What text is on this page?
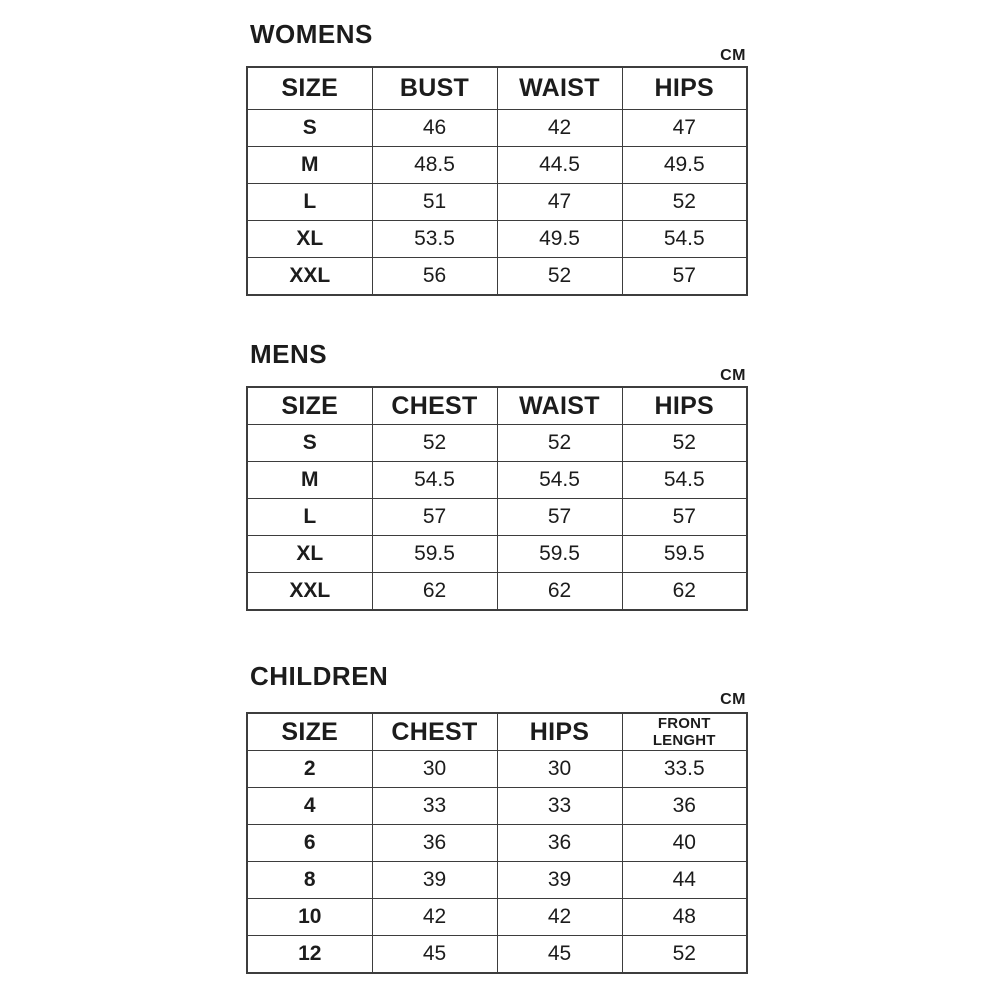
WOMENS
CM
SIZE	BUST	WAIST	HIPS
S	46	42	47
M	48.5	44.5	49.5
L	51	47	52
XL	53.5	49.5	54.5
XXL	56	52	57
MENS
CM
SIZE	CHEST	WAIST	HIPS
S	52	52	52
M	54.5	54.5	54.5
L	57	57	57
XL	59.5	59.5	59.5
XXL	62	62	62
CHILDREN
CM
SIZE	CHEST	HIPS	FRONT LENGHT
2	30	30	33.5
4	33	33	36
6	36	36	40
8	39	39	44
10	42	42	48
12	45	45	52
